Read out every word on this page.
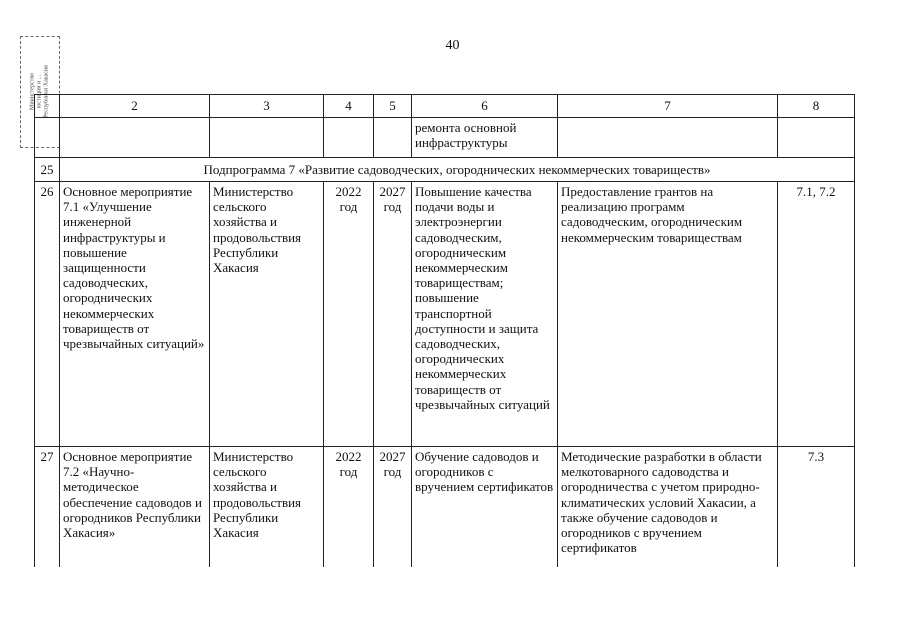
40
Министерство юстиции и ... Республики Хакасия
		2	3	4	5	6	7	8
					ремонта основной инфраструктуры		
25	Подпрограмма 7 «Развитие садоводческих, огороднических некоммерческих товариществ»						
26	Основное мероприятие 7.1 «Улучшение инженерной инфраструктуры и повышение защищенности садоводческих, огороднических некоммерческих товариществ от чрезвычайных ситуаций»	Министерство сельского хозяйства и продовольствия Республики Хакасия	2022 год	2027 год	Повышение качества подачи воды и электроэнергии садоводческим, огородническим некоммерческим товариществам; повышение транспортной доступности и защита садоводческих, огороднических некоммерческих товариществ от чрезвычайных ситуаций	Предоставление грантов на реализацию программ садоводческим, огородническим некоммерческим товариществам	7.1, 7.2
27	Основное мероприятие 7.2 «Научно-методическое обеспечение садоводов и огородников Республики Хакасия»	Министерство сельского хозяйства и продовольствия Республики Хакасия	2022 год	2027 год	Обучение садоводов и огородников с вручением сертификатов	Методические разработки в области мелкотоварного садоводства и огородничества с учетом природно-климатических условий Хакасии, а также обучение садоводов и огородников с вручением сертификатов	7.3
